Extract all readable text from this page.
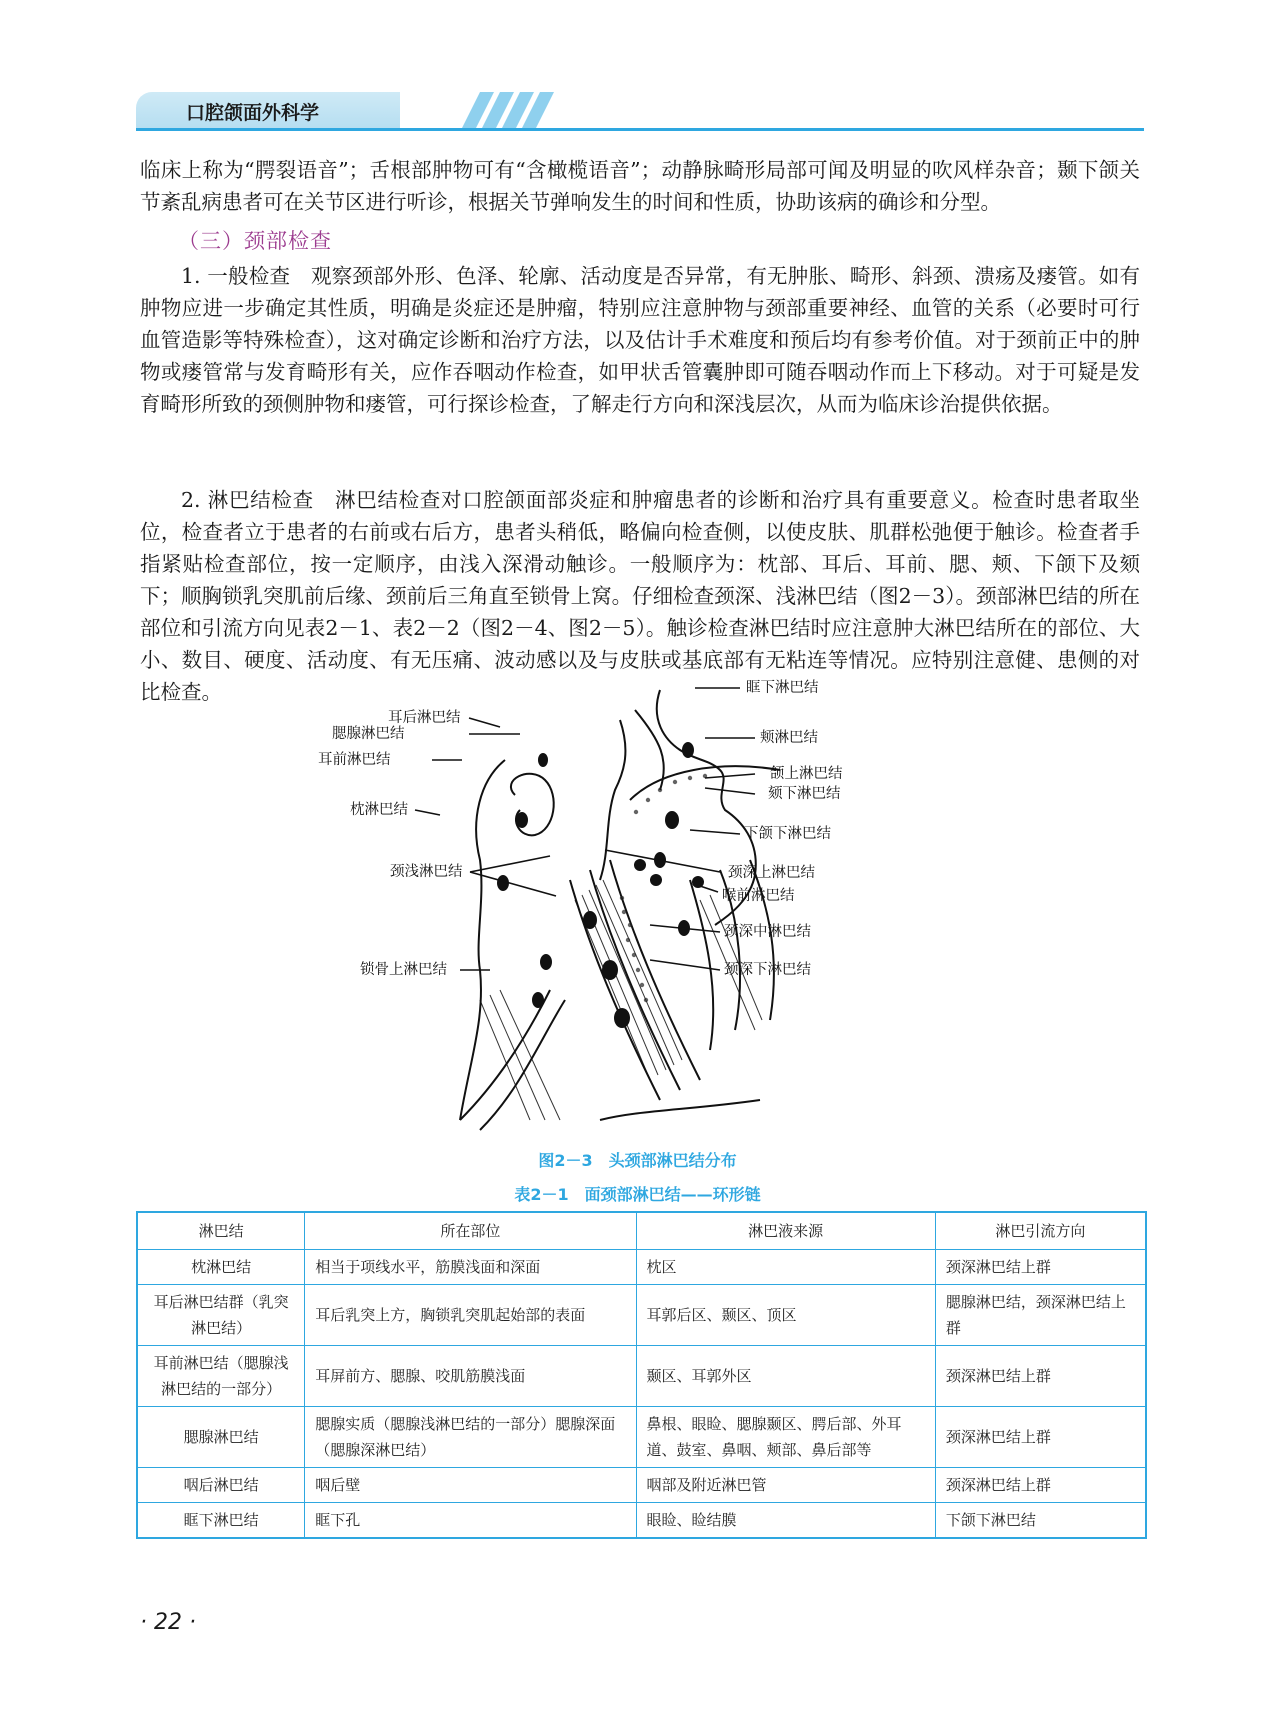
口腔颌面外科学

临床上称为“腭裂语音”；舌根部肿物可有“含橄榄语音”；动静脉畸形局部可闻及明显的吹风样杂音；颞下颌关节紊乱病患者可在关节区进行听诊，根据关节弹响发生的时间和性质，协助该病的确诊和分型。

（三）颈部检查

1. 一般检查　观察颈部外形、色泽、轮廓、活动度是否异常，有无肿胀、畸形、斜颈、溃疡及瘘管。如有肿物应进一步确定其性质，明确是炎症还是肿瘤，特别应注意肿物与颈部重要神经、血管的关系（必要时可行血管造影等特殊检查），这对确定诊断和治疗方法，以及估计手术难度和预后均有参考价值。对于颈前正中的肿物或瘘管常与发育畸形有关，应作吞咽动作检查，如甲状舌管囊肿即可随吞咽动作而上下移动。对于可疑是发育畸形所致的颈侧肿物和瘘管，可行探诊检查，了解走行方向和深浅层次，从而为临床诊治提供依据。

2. 淋巴结检查　淋巴结检查对口腔颌面部炎症和肿瘤患者的诊断和治疗具有重要意义。检查时患者取坐位，检查者立于患者的右前或右后方，患者头稍低，略偏向检查侧，以使皮肤、肌群松弛便于触诊。检查者手指紧贴检查部位，按一定顺序，由浅入深滑动触诊。一般顺序为：枕部、耳后、耳前、腮、颊、下颌下及颏下；顺胸锁乳突肌前后缘、颈前后三角直至锁骨上窝。仔细检查颈深、浅淋巴结（图2－3）。颈部淋巴结的所在部位和引流方向见表2－1、表2－2（图2－4、图2－5）。触诊检查淋巴结时应注意肿大淋巴结所在的部位、大小、数目、硬度、活动度、有无压痛、波动感以及与皮肤或基底部有无粘连等情况。应特别注意健、患侧的对比检查。

耳后淋巴结
腮腺淋巴结
耳前淋巴结
枕淋巴结
颈浅淋巴结
锁骨上淋巴结
眶下淋巴结
颊淋巴结
颌上淋巴结
颏下淋巴结
下颌下淋巴结
颈深上淋巴结
喉前淋巴结
颈深中淋巴结
颈深下淋巴结
图2－3　头颈部淋巴结分布
表2－1　面颈部淋巴结——环形链
淋巴结	所在部位	淋巴液来源	淋巴引流方向
枕淋巴结	相当于项线水平，筋膜浅面和深面	枕区	颈深淋巴结上群
耳后淋巴结群（乳突淋巴结）	耳后乳突上方，胸锁乳突肌起始部的表面	耳郭后区、颞区、顶区	腮腺淋巴结，颈深淋巴结上群
耳前淋巴结（腮腺浅淋巴结的一部分）	耳屏前方、腮腺、咬肌筋膜浅面	颞区、耳郭外区	颈深淋巴结上群
腮腺淋巴结	腮腺实质（腮腺浅淋巴结的一部分）腮腺深面（腮腺深淋巴结）	鼻根、眼睑、腮腺颞区、腭后部、外耳道、鼓室、鼻咽、颊部、鼻后部等	颈深淋巴结上群
咽后淋巴结	咽后壁	咽部及附近淋巴管	颈深淋巴结上群
眶下淋巴结	眶下孔	眼睑、睑结膜	下颌下淋巴结
· 22 ·
